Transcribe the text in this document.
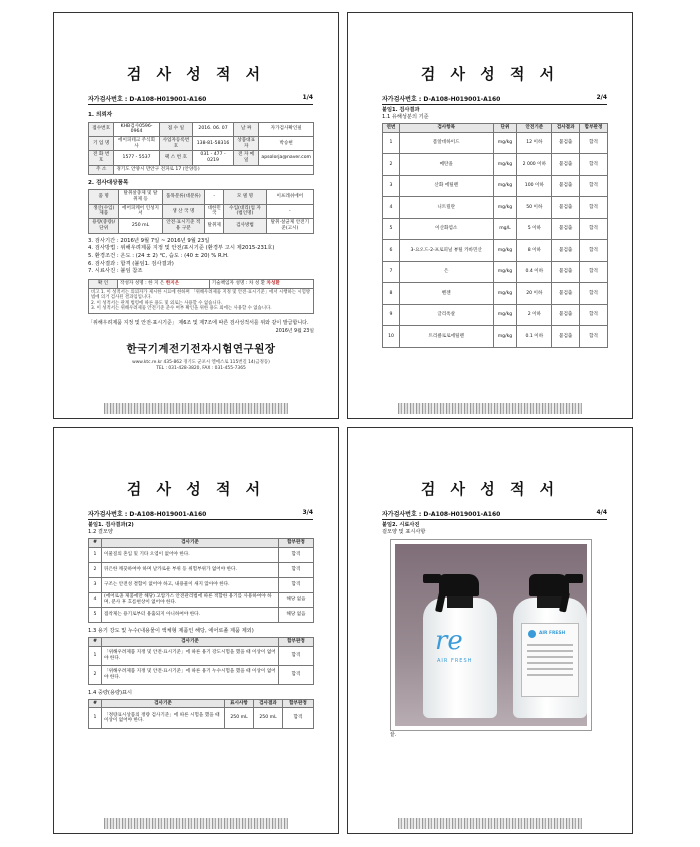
검 사 성 적 서
자가검사번호 : D-A108-H019001-A160	1/4
1. 의뢰자
접수번호	KHB검사0596-0964	접 수 일	2016. 06. 07	날 짜	자가검사확인필
기 업 명	에이피테크 주식회사	사업자등록번호	138-81-58316	상품대표자	박승현
전 화 번 호	1577 - 5537	팩 스 번 호	031 - 477 - 0219	전 자 메 일	apsolorja@naver.com
주 소	경기도 안양시 만안구 전파로 17 (안양동)				
2. 검사대상품목
품 명	탈취살충제 및 탈취제 등	품목분류(대분류)	-	모 델 명	이프레쉬에어
생산(수입)제품	에어피케어 인성지서	생 산 국 명	대한민국	수입(대리)업 자(법인명)	-
용량(중량)/단위	250 mL	안전·표시기준 적용 구분	탈취제	검사방법	탈취·살균제 안전기준(고시)
3. 검사기간 : 2016년 9월 7일 ~ 2016년 9월 23일
4. 검사방법 : 위해우려제품 지정 및 안전/표시기준 (환경부 고시 제2015-231호)
5. 환경조건 : 온도 : (24 ± 2) ℃, 습도 : (40 ± 20) % R.H.
6. 검사결과 : 합격 (붙임1. 검사결과)
7. 시료사진 : 붙임 참조
확 인	작성자 성명 : 한 지 은 한지은	기술책임자 성명 : 차 성 환 차성환

비고 1. 이 성적서는 의뢰자가 제시한 시료에 한하며 「위해우려제품 지정 및 안전·표시기준」에서 시행하는 시험방법에 의거 검사된 결과임입니다.
2. 이 성적서는 관계 법령에 따른 용도 및 외로는 사용할 수 없습니다.
3. 이 성적서는 위해우려제품 안전기준 준수 여부 확인을 위한 용도 외에는 사용할 수 없습니다.
「위해우려제품 지정 및 안전·표시기준」 제6조 및 제7조에 따른 검사성적서를 위와 같이 발급합니다.
2016년 9월 23일
한국기계전기전자시험연구원장
www.ktc.re.kr 435-862 경기도 군포시 엘에스로 115번길 14(금정동)
TEL : 031-428-3820, FAX : 031-455-7365
검 사 성 적 서
자가검사번호 : D-A108-H019001-A160	2/4
붙임1. 검사결과
1.1 유해성분의 기준
연번	검사항목	단위	안전기준	검사결과	합부판정
1	폼알데하이드	mg/kg	12 이하	불검출	합격
2	메탄올	mg/kg	2 000 이하	불검출	합격
3	산화 에틸렌	mg/kg	100 이하	불검출	합격
4	니트릴란	mg/kg	50 이하	불검출	합격
5	이산화염소	mg/L	5 이하	불검출	합격
6	3-요오드-2-프로피닐 뷰틸 카바민산	mg/kg	8 이하	불검출	합격
7	은	mg/kg	0.4 이하	불검출	합격
8	벤젠	mg/kg	20 이하	불검출	합격
9	글리옥살	mg/kg	2 이하	불검출	합격
10	트리클로로에틸렌	mg/kg	0.1 이하	불검출	합격
검 사 성 적 서
자가검사번호 : D-A108-H019001-A160	3/4
붙임1. 검사결과(2)
1.2 결모양
#	검사기준	합부판정
1	이물질의 혼입 및 기타 오염이 없어야 한다.	합격
2	뒤은한 깨끗하여야 하며 날카로운 부위 등 위험부위가 없어야 한다.	합격
3	구조는 안전성 결함이 없어야 하고, 내용물이 새지 않아야 한다.	합격
4	(에어로졸 제품에만 해당) 고압가스 안전관리법에 따른 적합한 용기를 사용하여야 하며, 분사 후 흐름현상이 없어야 한다.	해당 없음
5	접착제는 용기로부터 용출되지 아니하여야 한다.	해당 없음
1.3 용기 강도 및 누수(내용물이 액체형 제품인 해당, 에어로졸 제품 제외)
#	검사기준	합부판정
1	「위해우려제품 지정 및 안전·표시기준」에 따른 용기 강도시험을 했을 때 이상이 없어야 한다.	합격
2	「위해우려제품 지정 및 안전·표시기준」에 따른 용기 누수시험을 했을 때 이상이 없어야 한다.	합격
1.4 중량(용량)표시
#	검사기준	표시사항	검사결과	합부판정
1	「정량표시상품의 정량 검사기준」에 따른 시험을 했을 때 이상이 없어야 한다.	250 mL	250 mL	합격
검 사 성 적 서
자가검사번호 : D-A108-H019001-A160	4/4
붙임2. 시료사진
겉모양 및 표시사항
re
AIR FRESH
AIR FRESH
끝.
